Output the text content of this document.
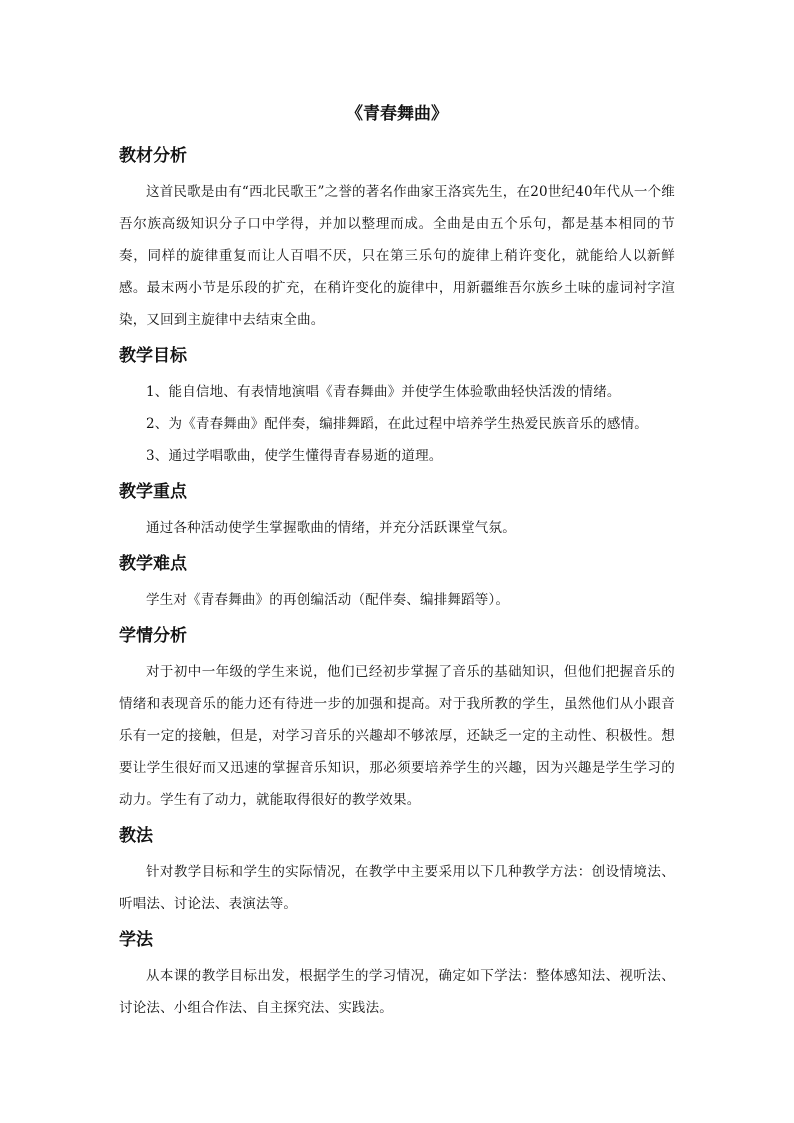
《青春舞曲》
教材分析

这首民歌是由有“西北民歌王”之誉的著名作曲家王洛宾先生，在20世纪40年代从一个维吾尔族高级知识分子口中学得，并加以整理而成。全曲是由五个乐句，都是基本相同的节奏，同样的旋律重复而让人百唱不厌，只在第三乐句的旋律上稍许变化，就能给人以新鲜感。最末两小节是乐段的扩充，在稍许变化的旋律中，用新疆维吾尔族乡土味的虚词衬字渲染，又回到主旋律中去结束全曲。

教学目标

1、能自信地、有表情地演唱《青春舞曲》并使学生体验歌曲轻快活泼的情绪。

2、为《青春舞曲》配伴奏，编排舞蹈，在此过程中培养学生热爱民族音乐的感情。

3、通过学唱歌曲，使学生懂得青春易逝的道理。

教学重点

通过各种活动使学生掌握歌曲的情绪，并充分活跃课堂气氛。

教学难点

学生对《青春舞曲》的再创编活动（配伴奏、编排舞蹈等）。

学情分析

对于初中一年级的学生来说，他们已经初步掌握了音乐的基础知识，但他们把握音乐的情绪和表现音乐的能力还有待进一步的加强和提高。对于我所教的学生，虽然他们从小跟音乐有一定的接触，但是，对学习音乐的兴趣却不够浓厚，还缺乏一定的主动性、积极性。想要让学生很好而又迅速的掌握音乐知识，那必须要培养学生的兴趣，因为兴趣是学生学习的动力。学生有了动力，就能取得很好的教学效果。

教法

针对教学目标和学生的实际情况，在教学中主要采用以下几种教学方法：创设情境法、听唱法、讨论法、表演法等。

学法

从本课的教学目标出发，根据学生的学习情况，确定如下学法：整体感知法、视听法、讨论法、小组合作法、自主探究法、实践法。
